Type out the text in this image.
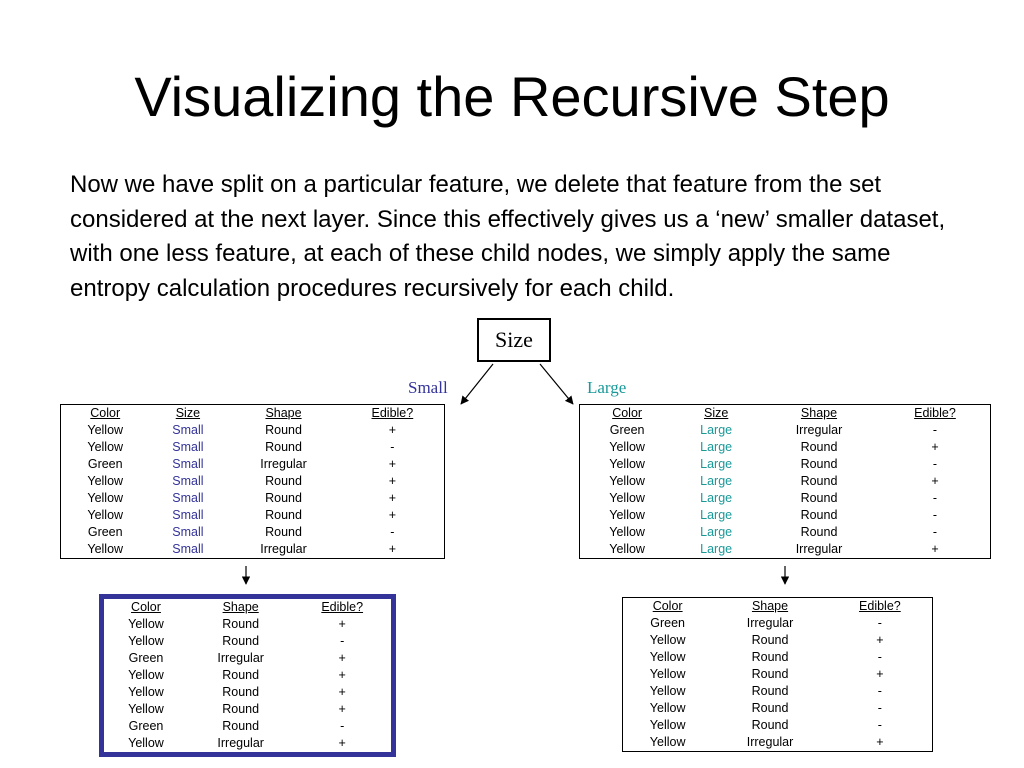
Visualizing the Recursive Step

Now we have split on a particular feature, we delete that feature from the set considered at the next layer. Since this effectively gives us a ‘new’ smaller dataset, with one less feature, at each of these child nodes, we simply apply the same entropy calculation procedures recursively for each child.

Size
Small	Large
Color	Size	Shape	Edible?
Yellow	Small	Round	+
Yellow	Small	Round	-
Green	Small	Irregular	+
Yellow	Small	Round	+
Yellow	Small	Round	+
Yellow	Small	Round	+
Green	Small	Round	-
Yellow	Small	Irregular	+
Color	Size	Shape	Edible?
Green	Large	Irregular	-
Yellow	Large	Round	+
Yellow	Large	Round	-
Yellow	Large	Round	+
Yellow	Large	Round	-
Yellow	Large	Round	-
Yellow	Large	Round	-
Yellow	Large	Irregular	+
Color	Shape	Edible?
Yellow	Round	+
Yellow	Round	-
Green	Irregular	+
Yellow	Round	+
Yellow	Round	+
Yellow	Round	+
Green	Round	-
Yellow	Irregular	+
Color	Shape	Edible?
Green	Irregular	-
Yellow	Round	+
Yellow	Round	-
Yellow	Round	+
Yellow	Round	-
Yellow	Round	-
Yellow	Round	-
Yellow	Irregular	+
